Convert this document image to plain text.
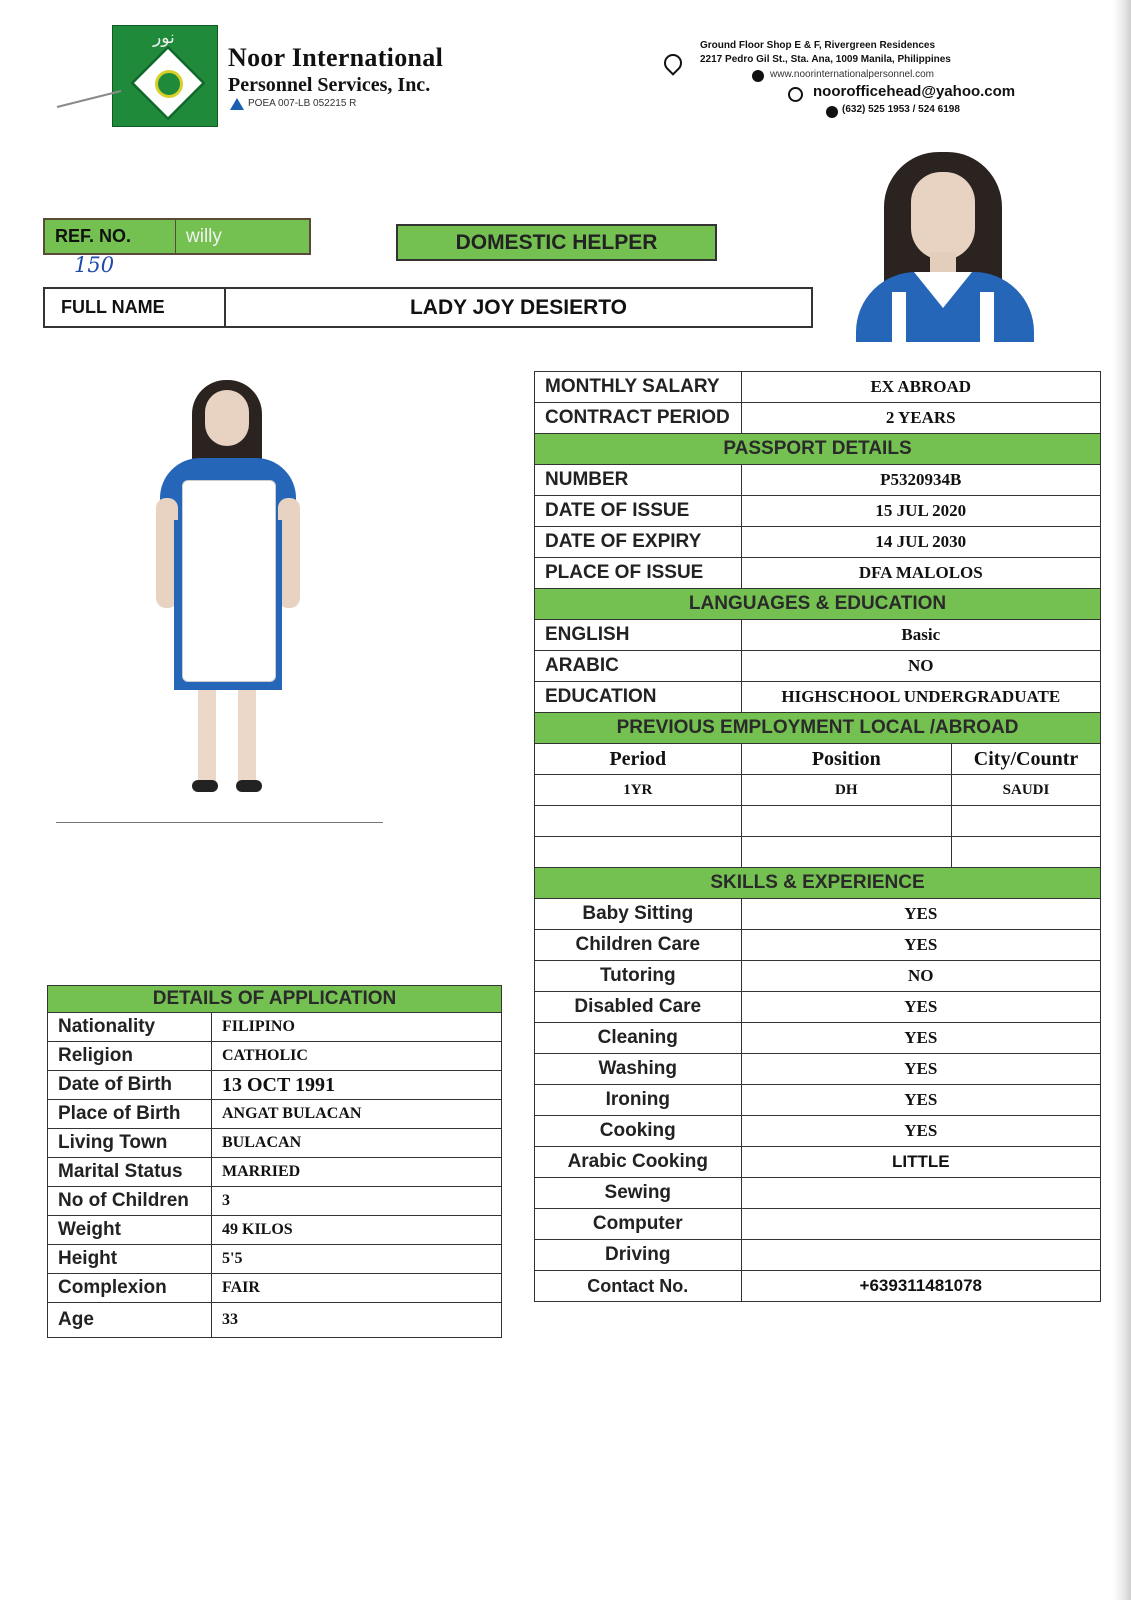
نور
Noor International
Personnel Services, Inc.
POEA 007-LB 052215 R
Ground Floor Shop E & F, Rivergreen Residences
2217 Pedro Gil St., Sta. Ana, 1009 Manila, Philippines
www.noorinternationalpersonnel.com
noorofficehead@yahoo.com
(632) 525 1953 / 524 6198
REF. NO.	willy
150
DOMESTIC HELPER
FULL NAME	LADY JOY DESIERTO
MONTHLY SALARY	EX ABROAD	
CONTRACT PERIOD	2 YEARS	
PASSPORT DETAILS		
NUMBER	P5320934B	
DATE OF ISSUE	15 JUL 2020	
DATE OF EXPIRY	14 JUL 2030	
PLACE OF ISSUE	DFA MALOLOS	
LANGUAGES & EDUCATION		
ENGLISH	Basic	
ARABIC	NO	
EDUCATION	HIGHSCHOOL UNDERGRADUATE	
PREVIOUS EMPLOYMENT LOCAL /ABROAD		
Period	Position	City/Countr
1YR	DH	SAUDI

SKILLS & EXPERIENCE		
Baby Sitting	YES	
Children Care	YES	
Tutoring	NO	
Disabled Care	YES	
Cleaning	YES	
Washing	YES	
Ironing	YES	
Cooking	YES	
Arabic Cooking	LITTLE	
Sewing		
Computer		
Driving		
Contact No.	+639311481078	
DETAILS OF APPLICATION	
Nationality	FILIPINO
Religion	CATHOLIC
Date of Birth	13 OCT 1991
Place of Birth	ANGAT BULACAN
Living Town	BULACAN
Marital Status	MARRIED
No of Children	3
Weight	49 KILOS
Height	5'5
Complexion	FAIR
Age	33
